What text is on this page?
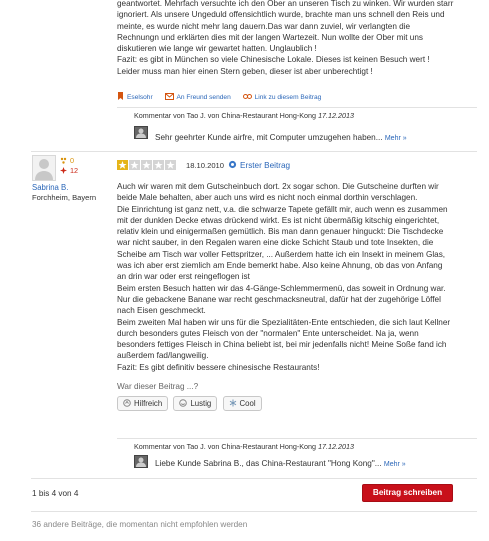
geantwortet. Mehrfach versuchte ich den Ober an unseren Tisch zu winken. Wir wurden starr
ignoriert. Als unsere Ungeduld offensichtlich wurde, brachte man uns schnell den Reis und
meinte, es wurde nicht mehr lang dauern.Das war dann zuviel, wir verlangten die
Rechnungn und erklärten dies mit der langen Wartezeit. Nun wollte der Ober mit uns
diskutieren wie lange wir gewartet hatten. Unglaublich !
Fazit: es gibt in München so viele Chinesische Lokale. Dieses ist keinen Besuch wert !
Leider muss man hier einen Stern geben, dieser ist aber unberechtigt !
Eselsohr	An Freund senden	Link zu diesem Beitrag
Kommentar von Tao J. von China-Restaurant Hong-Kong 17.12.2013
Sehr geehrter Kunde airfre, mit Computer umzugehen haben... Mehr »
0
12
Sabrina B.
Forchheim, Bayern
18.10.2010	Erster Beitrag
Auch wir waren mit dem Gutscheinbuch dort. 2x sogar schon. Die Gutscheine durften wir
beide Male behalten, aber auch uns wird es nicht noch einmal dorthin verschlagen.
Die Einrichtung ist ganz nett, v.a. die schwarze Tapete gefällt mir, auch wenn es zusammen
mit der dunklen Decke etwas drückend wirkt. Es ist nicht übermäßig kitschig eingerichtet,
relativ klein und einigermaßen gemütlich. Bis man dann genauer hinguckt: Die Tischdecke
war nicht sauber, in den Regalen waren eine dicke Schicht Staub und tote Insekten, die
Scheibe am Tisch war voller Fettspritzer, ... Außerdem hatte ich ein Insekt in meinem Glas,
was ich aber erst ziemlich am Ende bemerkt habe. Also keine Ahnung, ob das von Anfang
an drin war oder erst reingeflogen ist
Beim ersten Besuch hatten wir das 4-Gänge-Schlemmermenü, das soweit in Ordnung war.
Nur die gebackene Banane war recht geschmacksneutral, dafür hat der zugehörige Löffel
nach Eisen geschmeckt.
Beim zweiten Mal haben wir uns für die Spezialitäten-Ente entschieden, die sich laut Kellner
durch besonders gutes Fleisch von der "normalen" Ente unterscheidet. Na ja, wenn
besonders fettiges Fleisch in China beliebt ist, bei mir jedenfalls nicht! Meine Soße fand ich
außerdem fad/langweilig.
Fazit: Es gibt definitiv bessere chinesische Restaurants!
War dieser Beitrag ...?
Hilfreich	Lustig	Cool
Kommentar von Tao J. von China-Restaurant Hong-Kong 17.12.2013
Liebe Kunde Sabrina B., das China-Restaurant "Hong Kong"... Mehr »
1 bis 4 von 4	Beitrag schreiben
36 andere Beiträge, die momentan nicht empfohlen werden
